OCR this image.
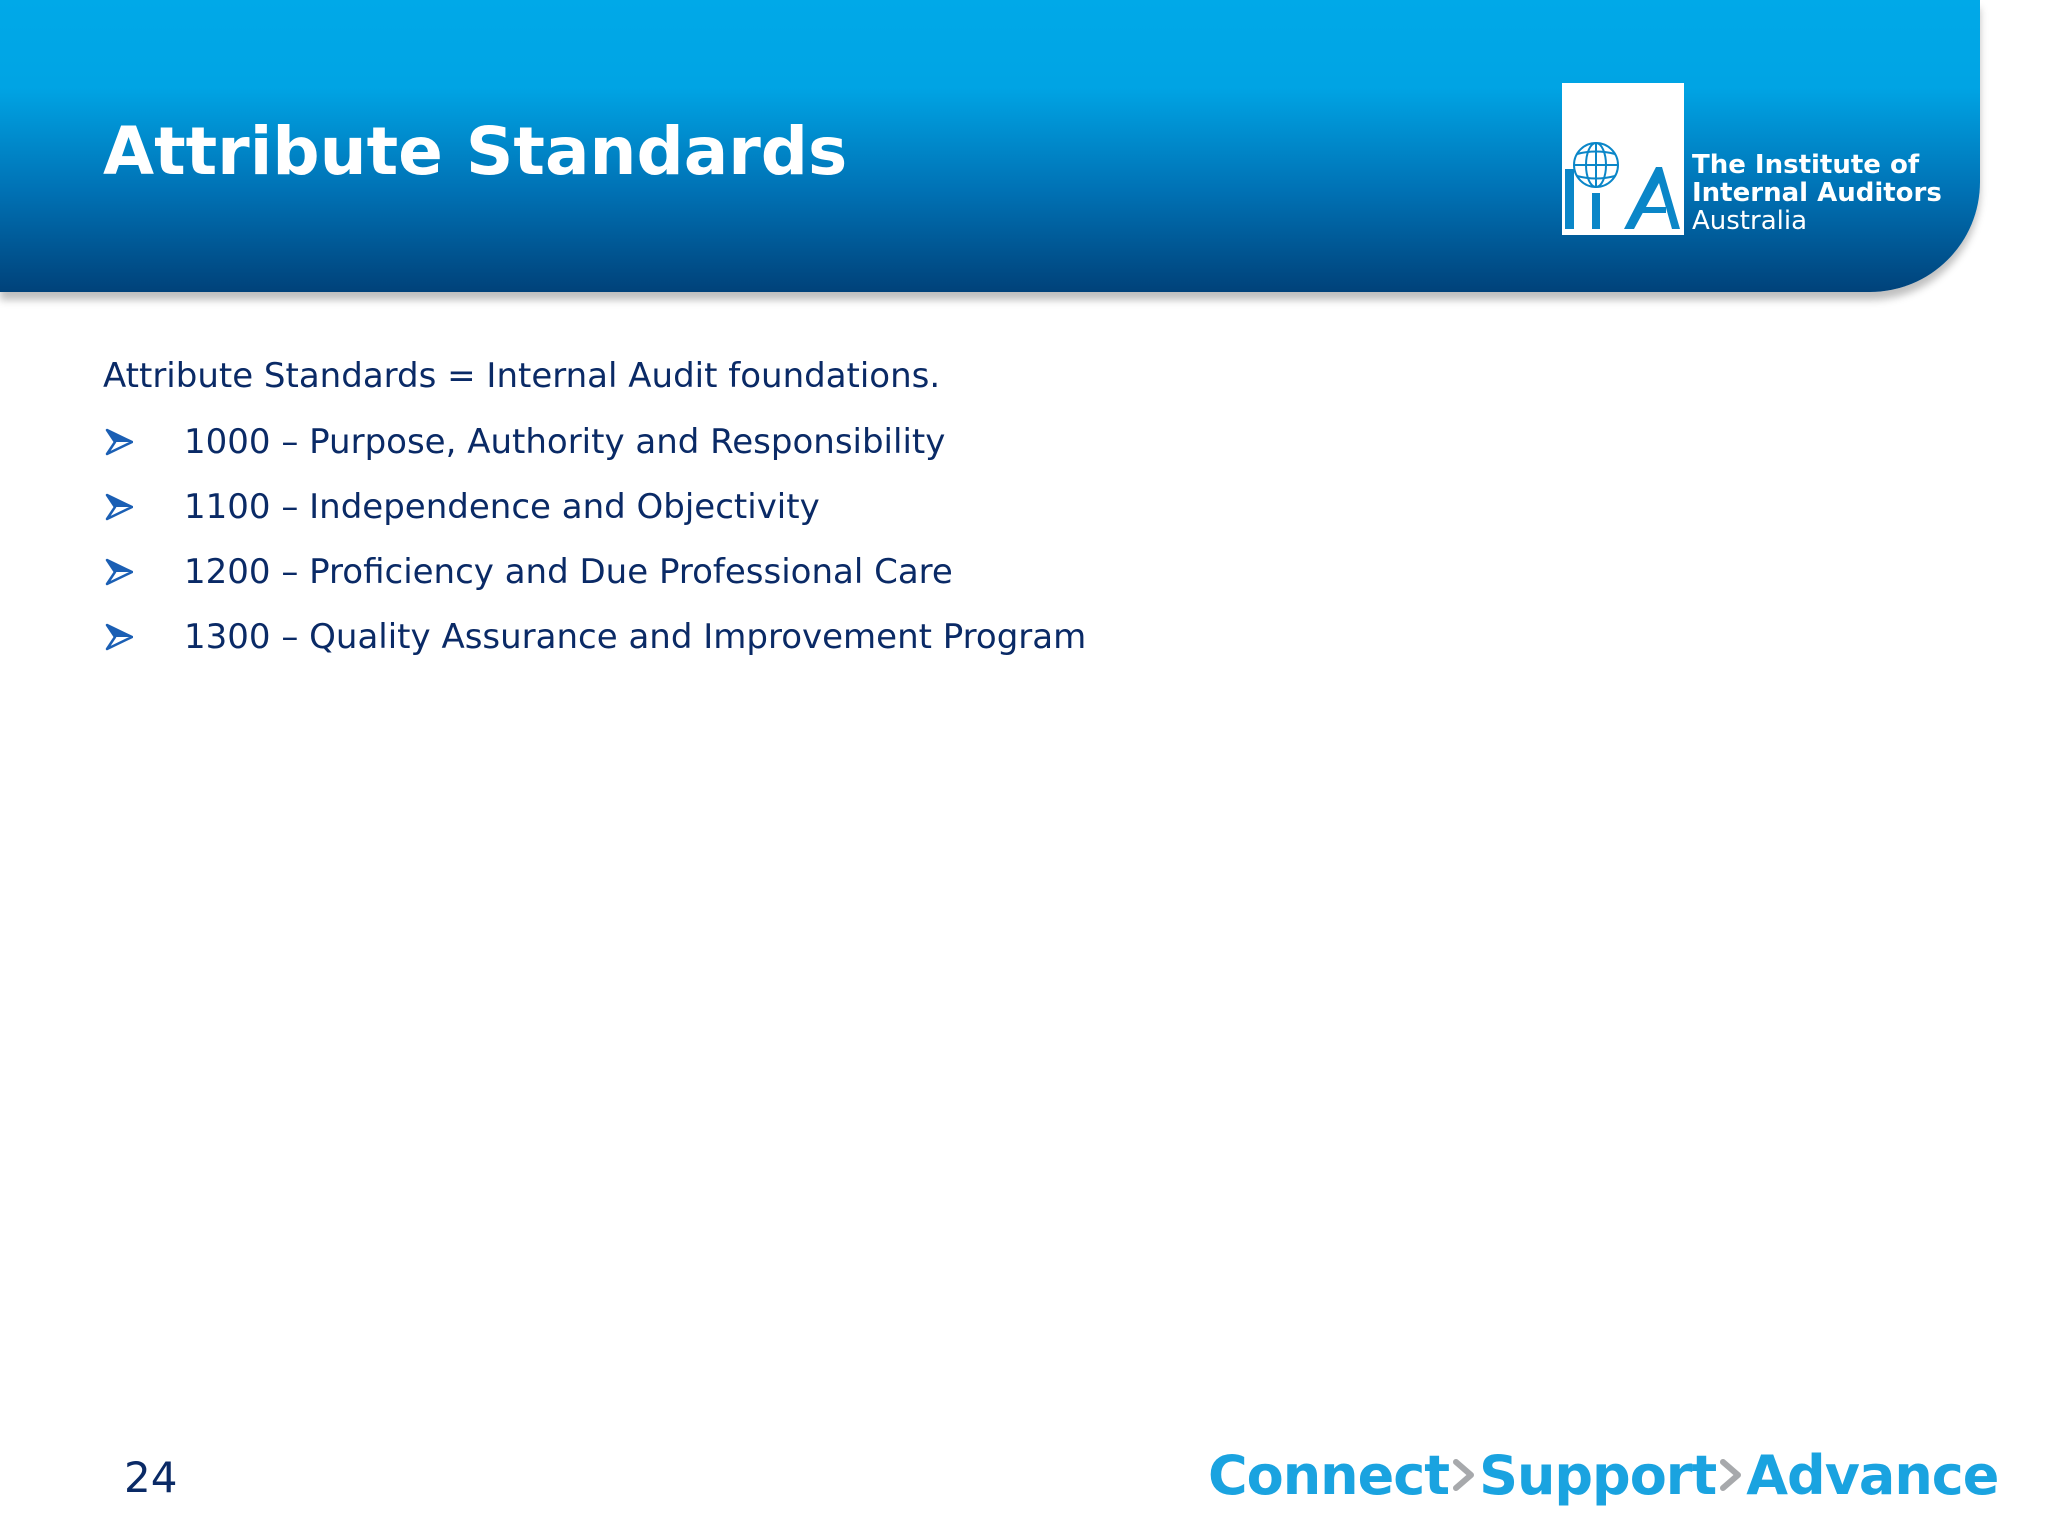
Attribute Standards	The Institute of
Internal Auditors
Australia

Attribute Standards = Internal Audit foundations.

1000 – Purpose, Authority and Responsibility
1100 – Independence and Objectivity
1200 – Proficiency and Due Professional Care
1300 – Quality Assurance and Improvement Program
24	Connect Support Advance
